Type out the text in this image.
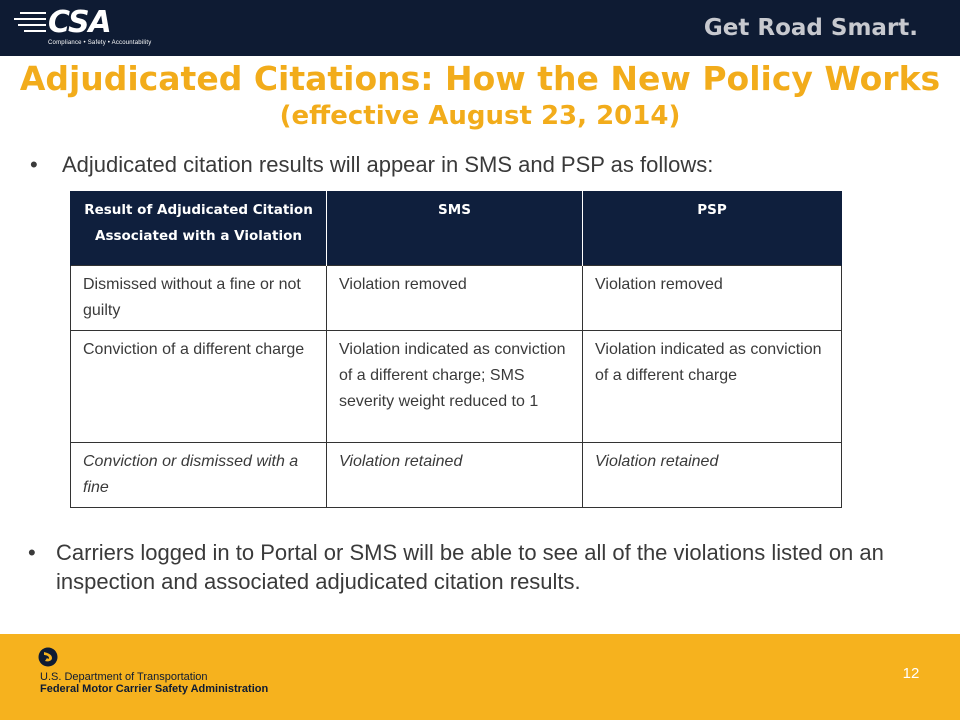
CSA
Compliance • Safety • Accountability
Get Road Smart.
Adjudicated Citations: How the New Policy Works (effective August 23, 2014)
• Adjudicated citation results will appear in SMS and PSP as follows:
Result of Adjudicated Citation Associated with a Violation	SMS	PSP
Dismissed without a fine or not guilty	Violation removed	Violation removed
Conviction of a different charge	Violation indicated as conviction of a different charge; SMS severity weight reduced to 1	Violation indicated as conviction of a different charge
Conviction or dismissed with a fine	Violation retained	Violation retained
• Carriers logged in to Portal or SMS will be able to see all of the violations listed on an inspection and associated adjudicated citation results.
U.S. Department of Transportation
Federal Motor Carrier Safety Administration
12
